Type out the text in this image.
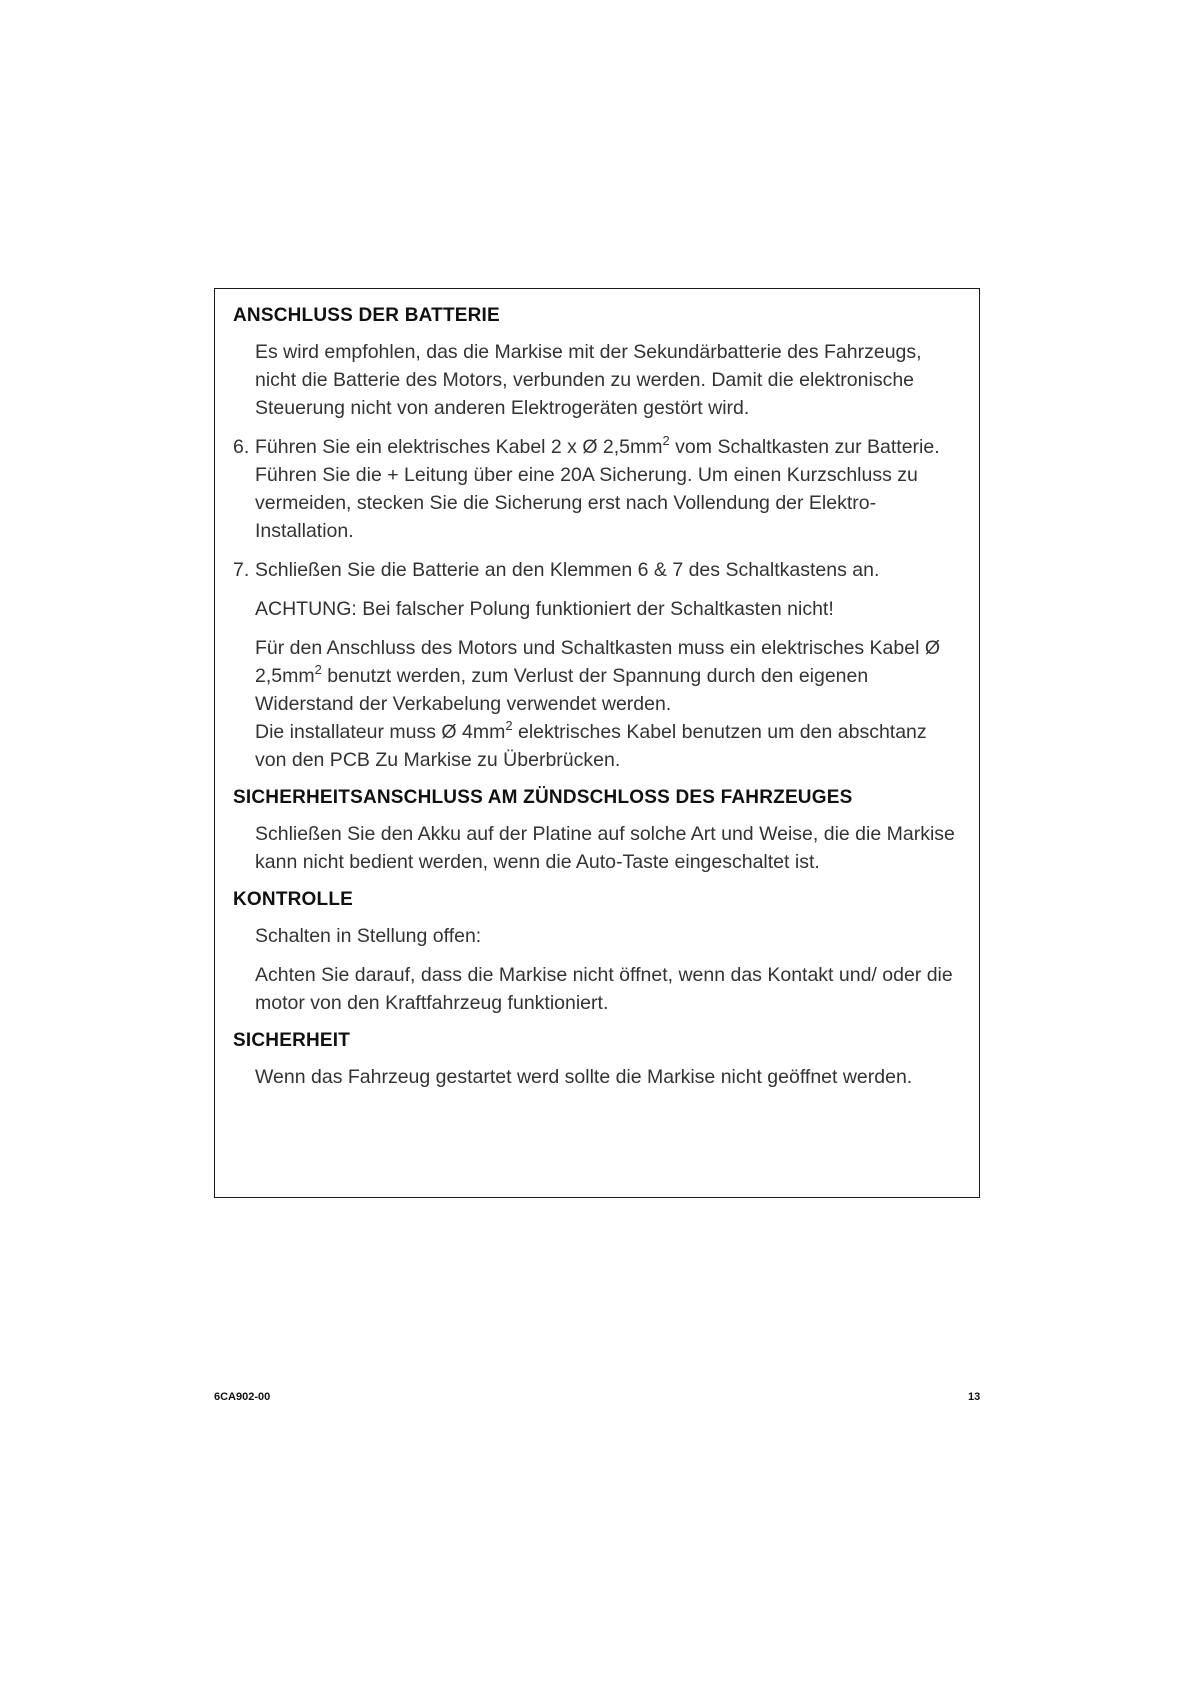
ANSCHLUSS DER BATTERIE
Es wird empfohlen, das die Markise mit der Sekundärbatterie des Fahrzeugs, nicht die Batterie des Motors, verbunden zu werden. Damit die elektronische Steuerung nicht von anderen Elektrogeräten gestört wird.
6. Führen Sie ein elektrisches Kabel 2 x Ø $2,5mm^2$ vom Schaltkasten zur Batterie. Führen Sie die + Leitung über eine 20A Sicherung. Um einen Kurzschluss zu vermeiden, stecken Sie die Sicherung erst nach Vollendung der Elektro-Installation.
7. Schließen Sie die Batterie an den Klemmen 6 & 7 des Schaltkastens an.
ACHTUNG: Bei falscher Polung funktioniert der Schaltkasten nicht!
Für den Anschluss des Motors und Schaltkasten muss ein elektrisches Kabel Ø $2,5mm^2$ benutzt werden, zum Verlust der Spannung durch den eigenen Widerstand der Verkabelung verwendet werden.
Die installateur muss Ø $4mm^2$ elektrisches Kabel benutzen um den abschtanz von den PCB Zu Markise zu Überbrücken.
SICHERHEITSANSCHLUSS AM ZÜNDSCHLOSS DES FAHRZEUGES
Schließen Sie den Akku auf der Platine auf solche Art und Weise, die die Markise kann nicht bedient werden, wenn die Auto-Taste eingeschaltet ist.
KONTROLLE
Schalten in Stellung offen:
Achten Sie darauf, dass die Markise nicht öffnet, wenn das Kontakt und/ oder die motor von den Kraftfahrzeug funktioniert.
SICHERHEIT
Wenn das Fahrzeug gestartet werd sollte die Markise nicht geöffnet werden.
6CA902-00	13
